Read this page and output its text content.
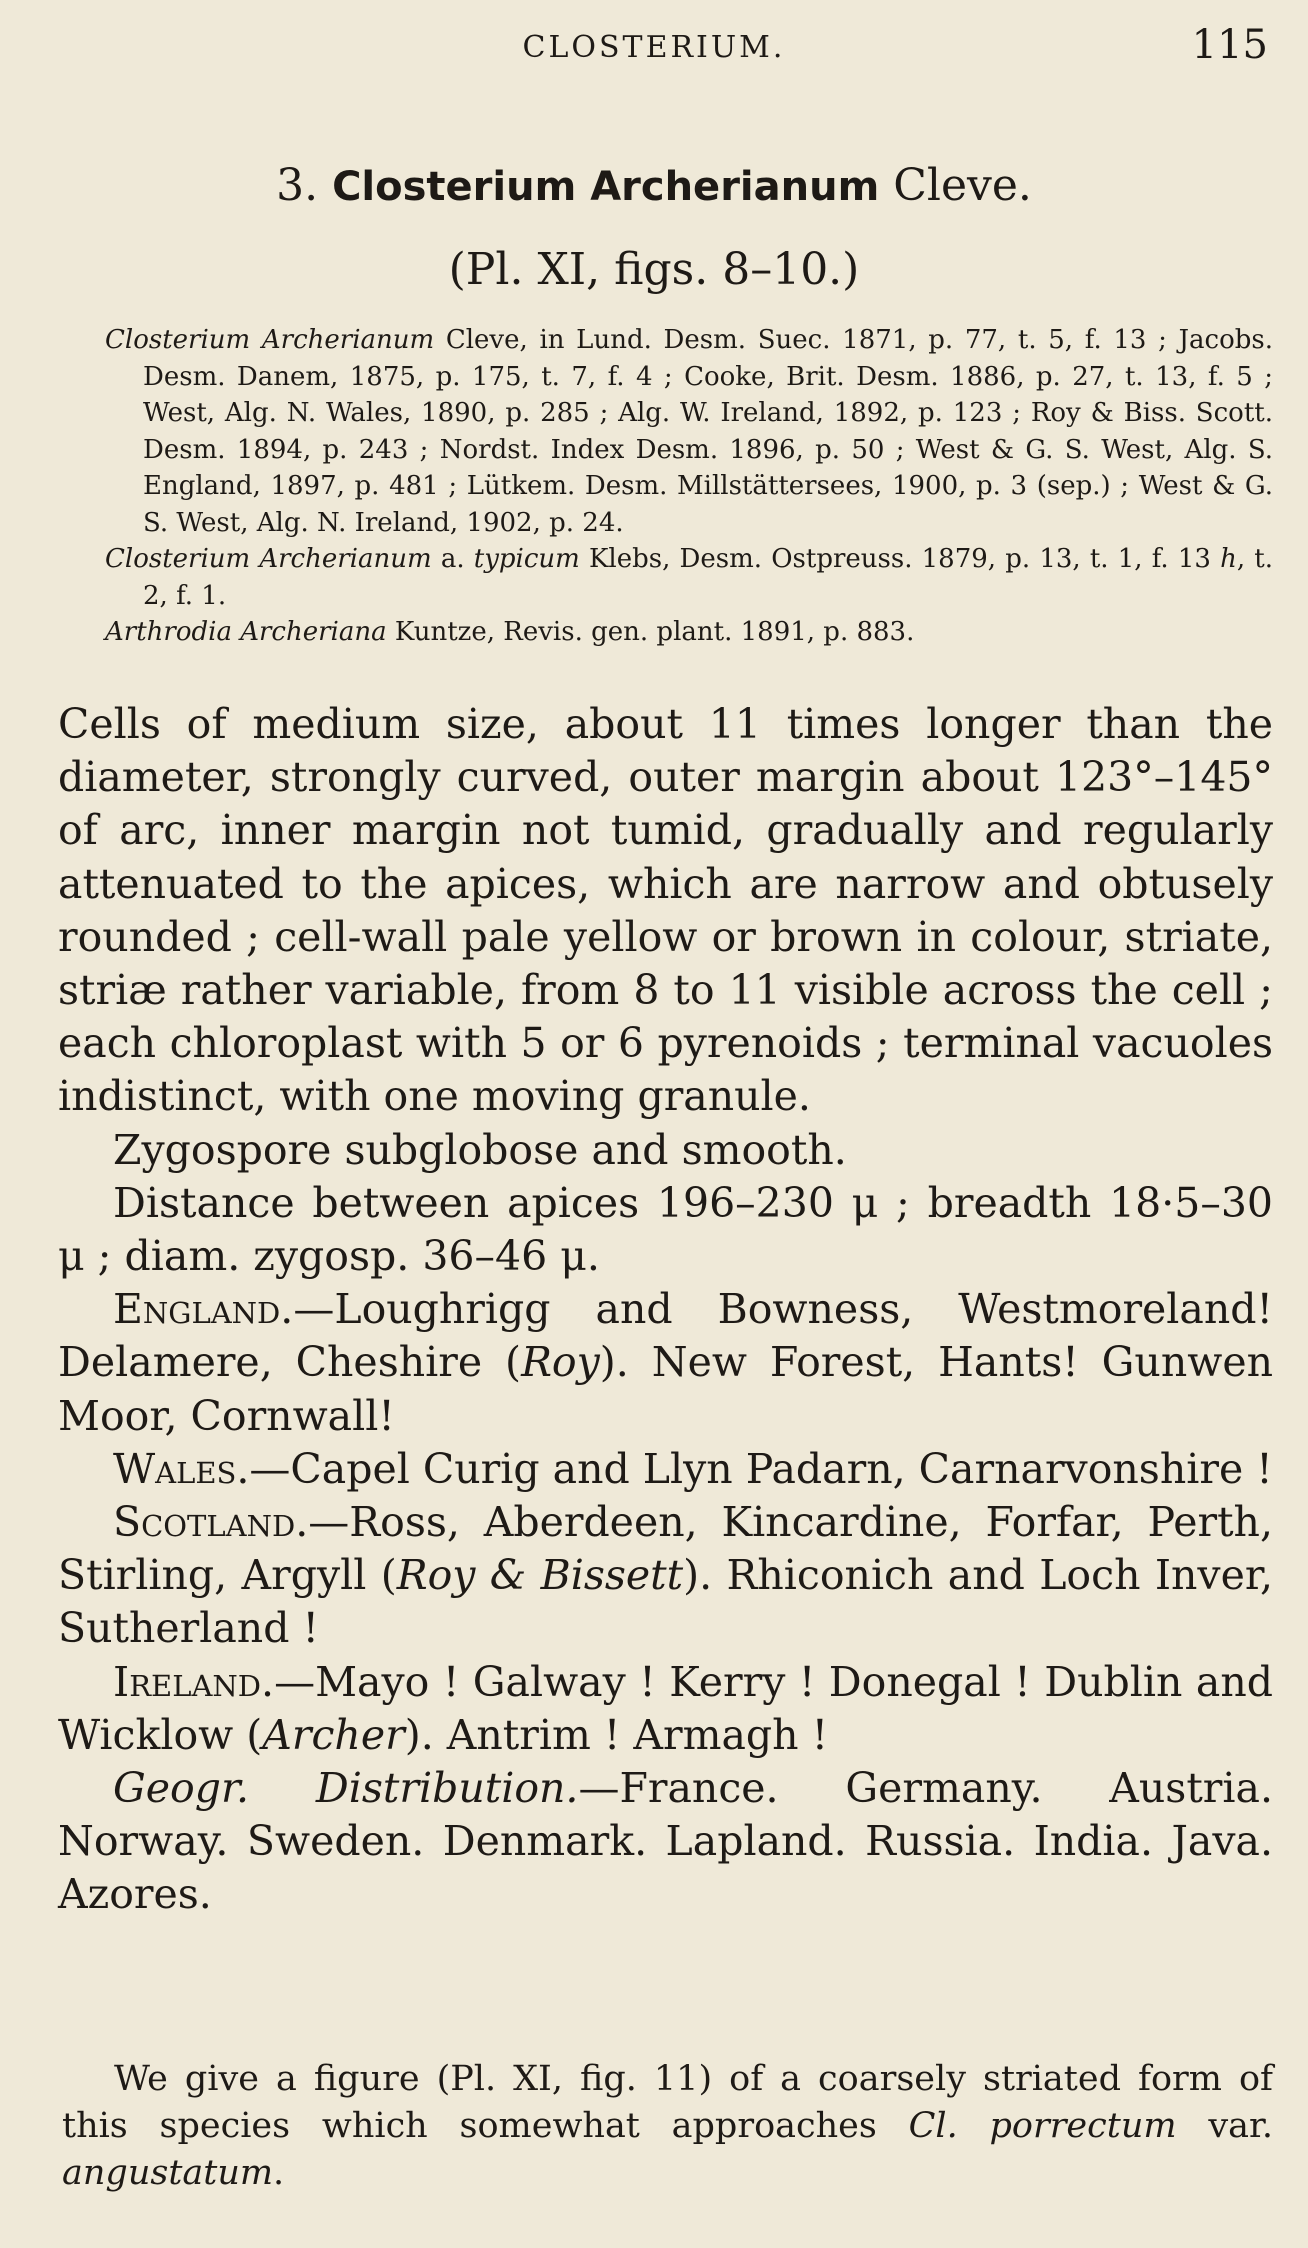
CLOSTERIUM.	115
3. Closterium Archerianum Cleve.
(Pl. XI, figs. 8–10.)
Closterium Archerianum Cleve, in Lund. Desm. Suec. 1871, p. 77, t. 5, f. 13 ; Jacobs. Desm. Danem, 1875, p. 175, t. 7, f. 4 ; Cooke, Brit. Desm. 1886, p. 27, t. 13, f. 5 ; West, Alg. N. Wales, 1890, p. 285 ; Alg. W. Ireland, 1892, p. 123 ; Roy & Biss. Scott. Desm. 1894, p. 243 ; Nordst. Index Desm. 1896, p. 50 ; West & G. S. West, Alg. S. England, 1897, p. 481 ; Lütkem. Desm. Millstättersees, 1900, p. 3 (sep.) ; West & G. S. West, Alg. N. Ireland, 1902, p. 24.
Closterium Archerianum a. typicum Klebs, Desm. Ostpreuss. 1879, p. 13, t. 1, f. 13 h, t. 2, f. 1.
Arthrodia Archeriana Kuntze, Revis. gen. plant. 1891, p. 883.

Cells of medium size, about 11 times longer than the diameter, strongly curved, outer margin about 123°–145° of arc, inner margin not tumid, gradually and regularly attenuated to the apices, which are narrow and obtusely rounded ; cell-wall pale yellow or brown in colour, striate, striæ rather variable, from 8 to 11 visible across the cell ; each chloroplast with 5 or 6 pyrenoids ; terminal vacuoles indistinct, with one moving granule.

Zygospore subglobose and smooth.

Distance between apices 196–230 μ ; breadth 18·5–30 μ ; diam. zygosp. 36–46 μ.

England.—Loughrigg and Bowness, Westmoreland! Delamere, Cheshire (Roy). New Forest, Hants! Gunwen Moor, Cornwall!

Wales.—Capel Curig and Llyn Padarn, Carnarvonshire !

Scotland.—Ross, Aberdeen, Kincardine, Forfar, Perth, Stirling, Argyll (Roy & Bissett). Rhiconich and Loch Inver, Sutherland !

Ireland.—Mayo ! Galway ! Kerry ! Donegal ! Dublin and Wicklow (Archer). Antrim ! Armagh !

Geogr. Distribution.—France. Germany. Austria. Norway. Sweden. Denmark. Lapland. Russia. India. Java. Azores.

We give a figure (Pl. XI, fig. 11) of a coarsely striated form of this species which somewhat approaches Cl. porrectum var. angustatum.
